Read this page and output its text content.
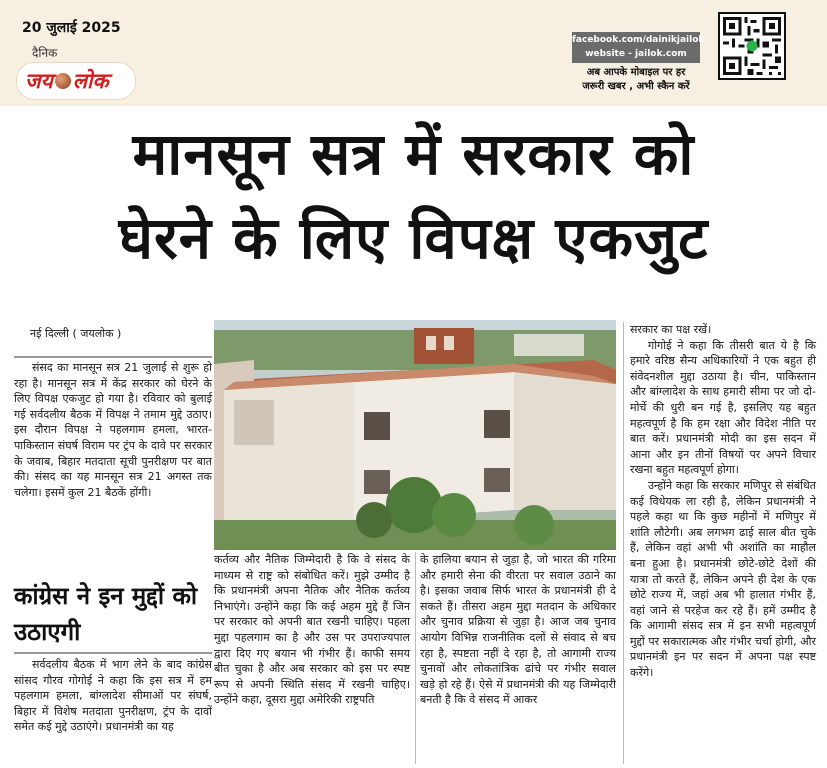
20 जुलाई 2025
दैनिक
जय लोक
facebook.com/dainikjailok
website - jailok.com
अब आपके मोबाइल पर हर
जरूरी खबर , अभी स्कैन करें
मानसून सत्र में सरकार को
घेरने के लिए विपक्ष एकजुट
नई दिल्ली ( जयलोक )

संसद का मानसून सत्र 21 जुलाई से शुरू हो रहा है। मानसून सत्र में केंद्र सरकार को घेरने के लिए विपक्ष एकजुट हो गया है। रविवार को बुलाई गई सर्वदलीय बैठक में विपक्ष ने तमाम मुद्दे उठाए। इस दौरान विपक्ष ने पहलगाम हमला, भारत-पाकिस्तान संघर्ष विराम पर ट्रंप के दावे पर सरकार के जवाब, बिहार मतदाता सूची पुनरीक्षण पर बात की। संसद का यह मानसून सत्र 21 अगस्त तक चलेगा। इसमें कुल 21 बैठकें होंगी।

कांग्रेस ने इन मुद्दों को उठाएगी

सर्वदलीय बैठक में भाग लेने के बाद कांग्रेस सांसद गौरव गोगोई ने कहा कि इस सत्र में हम पहलगाम हमला, बांग्लादेश सीमाओं पर संघर्ष, बिहार में विशेष मतदाता पुनरीक्षण, ट्रंप के दावों समेत कई मुद्दे उठाएंगे। प्रधानमंत्री का यह

कर्तव्य और नैतिक जिम्मेदारी है कि वे संसद के माध्यम से राष्ट्र को संबोधित करें। मुझे उम्मीद है कि प्रधानमंत्री अपना नैतिक और नैतिक कर्तव्य निभाएंगे। उन्होंने कहा कि कई अहम मुद्दे हैं जिन पर सरकार को अपनी बात रखनी चाहिए। पहला मुद्दा पहलगाम का है और उस पर उपराज्यपाल द्वारा दिए गए बयान भी गंभीर हैं। काफी समय बीत चुका है और अब सरकार को इस पर स्पष्ट रूप से अपनी स्थिति संसद में रखनी चाहिए। उन्होंने कहा, दूसरा मुद्दा अमेरिकी राष्ट्रपति

के हालिया बयान से जुड़ा है, जो भारत की गरिमा और हमारी सेना की वीरता पर सवाल उठाने का है। इसका जवाब सिर्फ भारत के प्रधानमंत्री ही दे सकते हैं। तीसरा अहम मुद्दा मतदान के अधिकार और चुनाव प्रक्रिया से जुड़ा है। आज जब चुनाव आयोग विभिन्न राजनीतिक दलों से संवाद से बच रहा है, स्पष्टता नहीं दे रहा है, तो आगामी राज्य चुनावों और लोकतांत्रिक ढांचे पर गंभीर सवाल खड़े हो रहे हैं। ऐसे में प्रधानमंत्री की यह जिम्मेदारी बनती है कि वे संसद में आकर

सरकार का पक्ष रखें।

गोगोई ने कहा कि तीसरी बात ये है कि हमारे वरिष्ठ सैन्य अधिकारियों ने एक बहुत ही संवेदनशील मुद्दा उठाया है। चीन, पाकिस्तान और बांग्लादेश के साथ हमारी सीमा पर जो दो-मोर्चे की धुरी बन गई है, इसलिए यह बहुत महत्वपूर्ण है कि हम रक्षा और विदेश नीति पर बात करें। प्रधानमंत्री मोदी का इस सदन में आना और इन तीनों विषयों पर अपने विचार रखना बहुत महत्वपूर्ण होगा।

उन्होंने कहा कि सरकार मणिपुर से संबंधित कई विधेयक ला रही है, लेकिन प्रधानमंत्री ने पहले कहा था कि कुछ महीनों में मणिपुर में शांति लौटेगी। अब लगभग ढाई साल बीत चुके हैं, लेकिन वहां अभी भी अशांति का माहौल बना हुआ है। प्रधानमंत्री छोटे-छोटे देशों की यात्रा तो करते हैं, लेकिन अपने ही देश के एक छोटे राज्य में, जहां अब भी हालात गंभीर हैं, वहां जाने से परहेज कर रहे हैं। हमें उम्मीद है कि आगामी संसद सत्र में इन सभी महत्वपूर्ण मुद्दों पर सकारात्मक और गंभीर चर्चा होगी, और प्रधानमंत्री इन पर सदन में अपना पक्ष स्पष्ट करेंगे।
